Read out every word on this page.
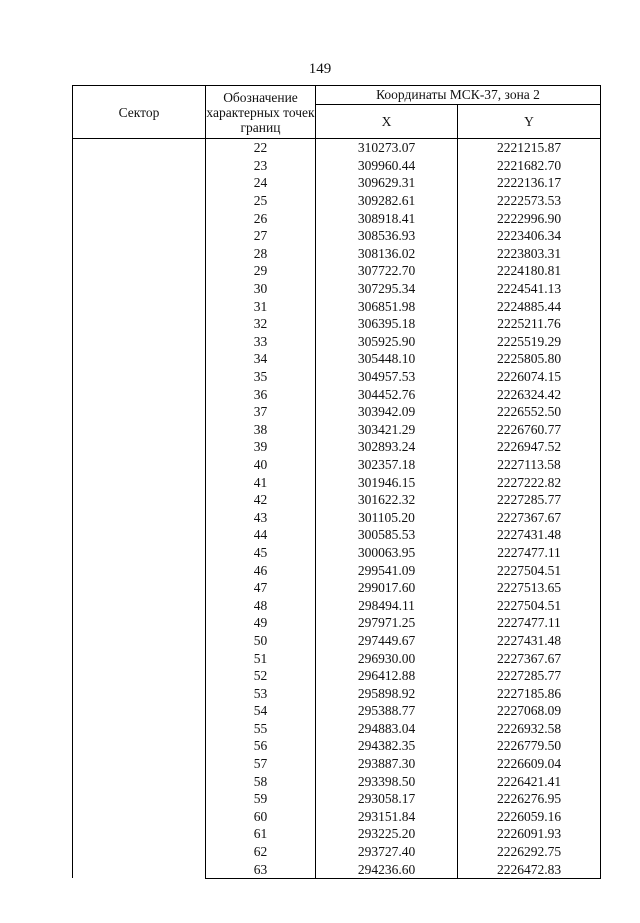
149
Сектор	Обозначение характерных точек границ	Координаты МСК-37, зона 2	
		X	Y
	22	310273.07	2221215.87
	23	309960.44	2221682.70
	24	309629.31	2222136.17
	25	309282.61	2222573.53
	26	308918.41	2222996.90
	27	308536.93	2223406.34
	28	308136.02	2223803.31
	29	307722.70	2224180.81
	30	307295.34	2224541.13
	31	306851.98	2224885.44
	32	306395.18	2225211.76
	33	305925.90	2225519.29
	34	305448.10	2225805.80
	35	304957.53	2226074.15
	36	304452.76	2226324.42
	37	303942.09	2226552.50
	38	303421.29	2226760.77
	39	302893.24	2226947.52
	40	302357.18	2227113.58
	41	301946.15	2227222.82
	42	301622.32	2227285.77
	43	301105.20	2227367.67
	44	300585.53	2227431.48
	45	300063.95	2227477.11
	46	299541.09	2227504.51
	47	299017.60	2227513.65
	48	298494.11	2227504.51
	49	297971.25	2227477.11
	50	297449.67	2227431.48
	51	296930.00	2227367.67
	52	296412.88	2227285.77
	53	295898.92	2227185.86
	54	295388.77	2227068.09
	55	294883.04	2226932.58
	56	294382.35	2226779.50
	57	293887.30	2226609.04
	58	293398.50	2226421.41
	59	293058.17	2226276.95
	60	293151.84	2226059.16
	61	293225.20	2226091.93
	62	293727.40	2226292.75
	63	294236.60	2226472.83
